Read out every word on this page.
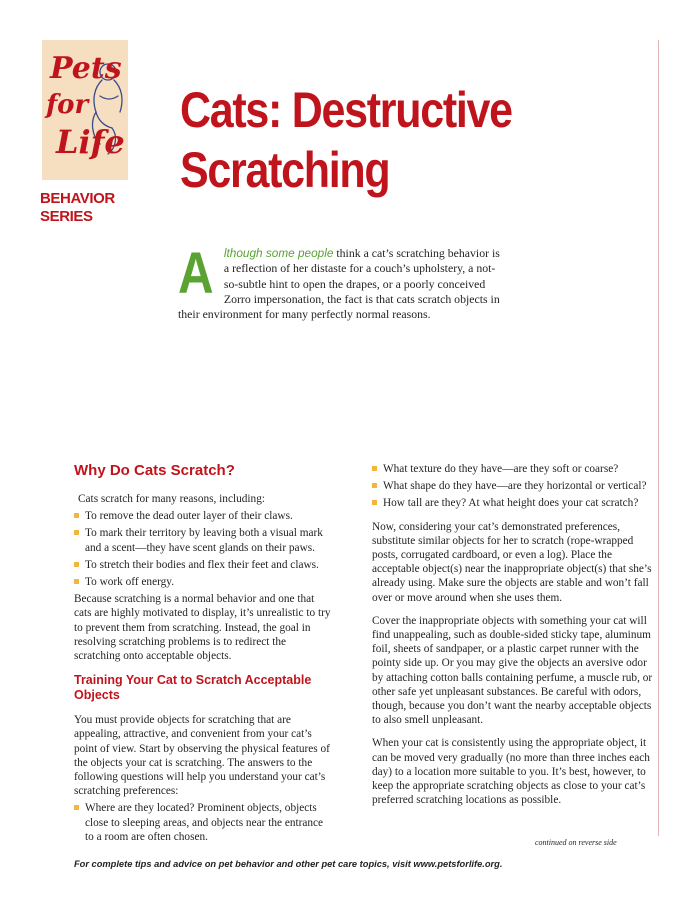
Pets
for
Life
BEHAVIOR
SERIES
Cats: Destructive
Scratching
Although some people think a cat’s scratching behavior is a reflection of her distaste for a couch’s upholstery, a not-so-subtle hint to open the drapes, or a poorly conceived Zorro impersonation, the fact is that cats scratch objects in their environment for many perfectly normal reasons.
Why Do Cats Scratch?

Cats scratch for many reasons, including:

To remove the dead outer layer of their claws.
To mark their territory by leaving both a visual mark and a scent—they have scent glands on their paws.
To stretch their bodies and flex their feet and claws.
To work off energy.

Because scratching is a normal behavior and one that cats are highly motivated to display, it’s unrealistic to try to prevent them from scratching. Instead, the goal in resolving scratching problems is to redirect the scratching onto acceptable objects.

Training Your Cat to Scratch Acceptable Objects

You must provide objects for scratching that are appealing, attractive, and convenient from your cat’s point of view. Start by observing the physical features of the objects your cat is scratching. The answers to the following questions will help you understand your cat’s scratching preferences:

Where are they located? Prominent objects, objects close to sleeping areas, and objects near the entrance to a room are often chosen.
What texture do they have—are they soft or coarse?
What shape do they have—are they horizontal or vertical?
How tall are they? At what height does your cat scratch?

Now, considering your cat’s demonstrated preferences, substitute similar objects for her to scratch (rope-wrapped posts, corrugated cardboard, or even a log). Place the acceptable object(s) near the inappropriate object(s) that she’s already using. Make sure the objects are stable and won’t fall over or move around when she uses them.

Cover the inappropriate objects with something your cat will find unappealing, such as double-sided sticky tape, aluminum foil, sheets of sandpaper, or a plastic carpet runner with the pointy side up. Or you may give the objects an aversive odor by attaching cotton balls containing perfume, a muscle rub, or other safe yet unpleasant substances. Be careful with odors, though, because you don’t want the nearby acceptable objects to also smell unpleasant.

When your cat is consistently using the appropriate object, it can be moved very gradually (no more than three inches each day) to a location more suitable to you. It’s best, however, to keep the appropriate scratching objects as close to your cat’s preferred scratching locations as possible.

continued on reverse side
For complete tips and advice on pet behavior and other pet care topics, visit www.petsforlife.org.
